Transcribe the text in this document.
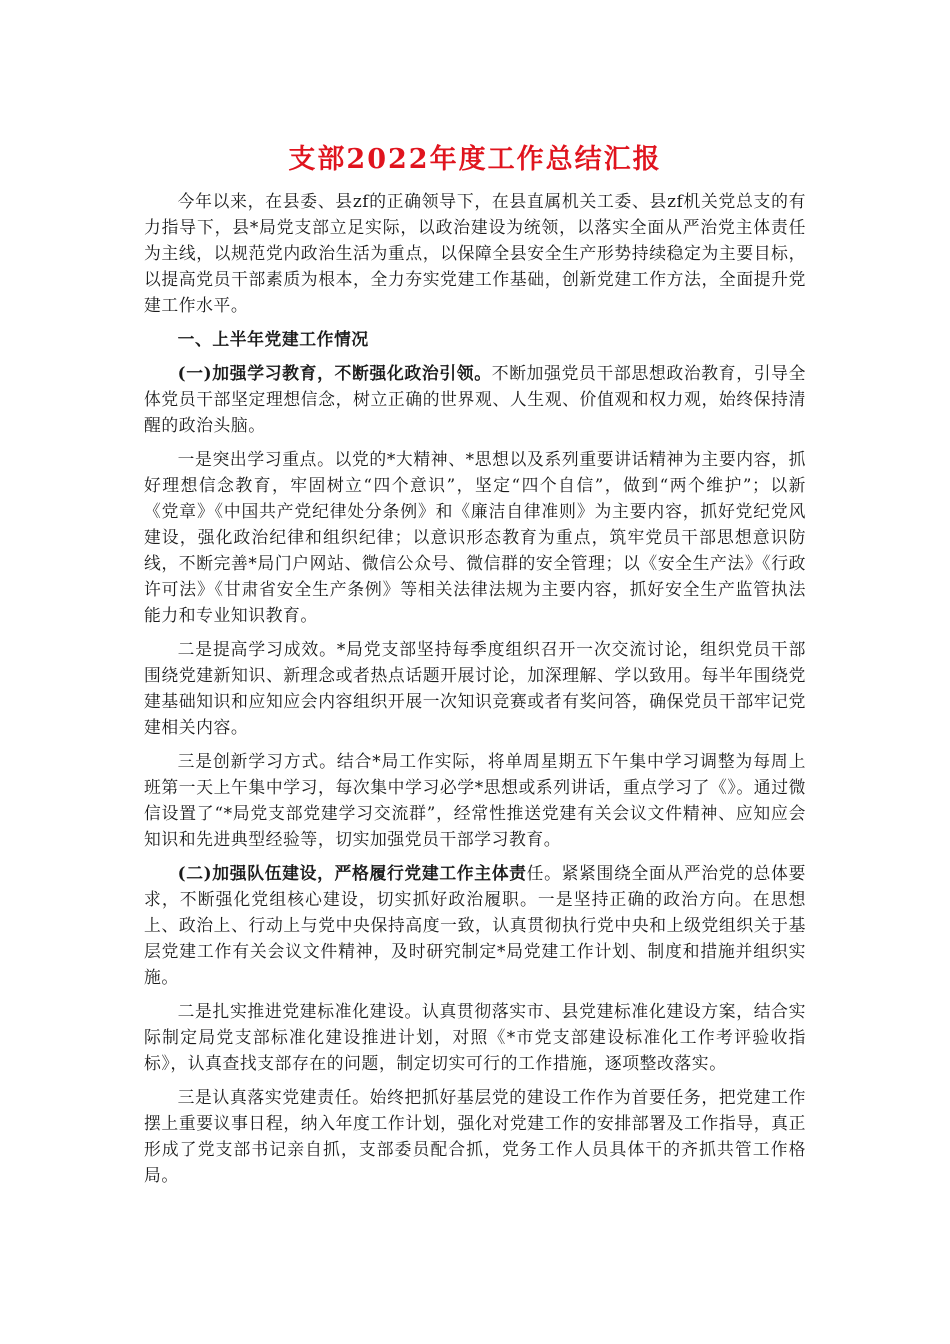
支部2022年度工作总结汇报

今年以来，在县委、县zf的正确领导下，在县直属机关工委、县zf机关党总支的有力指导下，县*局党支部立足实际，以政治建设为统领，以落实全面从严治党主体责任为主线，以规范党内政治生活为重点，以保障全县安全生产形势持续稳定为主要目标，以提高党员干部素质为根本，全力夯实党建工作基础，创新党建工作方法，全面提升党建工作水平。

一、上半年党建工作情况

(一)加强学习教育，不断强化政治引领。不断加强党员干部思想政治教育，引导全体党员干部坚定理想信念，树立正确的世界观、人生观、价值观和权力观，始终保持清醒的政治头脑。

一是突出学习重点。以党的*大精神、*思想以及系列重要讲话精神为主要内容，抓好理想信念教育，牢固树立“四个意识”，坚定“四个自信”，做到“两个维护”；以新《党章》《中国共产党纪律处分条例》和《廉洁自律准则》为主要内容，抓好党纪党风建设，强化政治纪律和组织纪律；以意识形态教育为重点，筑牢党员干部思想意识防线，不断完善*局门户网站、微信公众号、微信群的安全管理；以《安全生产法》《行政许可法》《甘肃省安全生产条例》等相关法律法规为主要内容，抓好安全生产监管执法能力和专业知识教育。

二是提高学习成效。*局党支部坚持每季度组织召开一次交流讨论，组织党员干部围绕党建新知识、新理念或者热点话题开展讨论，加深理解、学以致用。每半年围绕党建基础知识和应知应会内容组织开展一次知识竞赛或者有奖问答，确保党员干部牢记党建相关内容。

三是创新学习方式。结合*局工作实际，将单周星期五下午集中学习调整为每周上班第一天上午集中学习，每次集中学习必学*思想或系列讲话，重点学习了《》。通过微信设置了“*局党支部党建学习交流群”，经常性推送党建有关会议文件精神、应知应会知识和先进典型经验等，切实加强党员干部学习教育。

(二)加强队伍建设，严格履行党建工作主体责任。紧紧围绕全面从严治党的总体要求，不断强化党组核心建设，切实抓好政治履职。一是坚持正确的政治方向。在思想上、政治上、行动上与党中央保持高度一致，认真贯彻执行党中央和上级党组织关于基层党建工作有关会议文件精神，及时研究制定*局党建工作计划、制度和措施并组织实施。

二是扎实推进党建标准化建设。认真贯彻落实市、县党建标准化建设方案，结合实际制定局党支部标准化建设推进计划，对照《*市党支部建设标准化工作考评验收指标》，认真查找支部存在的问题，制定切实可行的工作措施，逐项整改落实。

三是认真落实党建责任。始终把抓好基层党的建设工作作为首要任务，把党建工作摆上重要议事日程，纳入年度工作计划，强化对党建工作的安排部署及工作指导，真正形成了党支部书记亲自抓，支部委员配合抓，党务工作人员具体干的齐抓共管工作格局。
